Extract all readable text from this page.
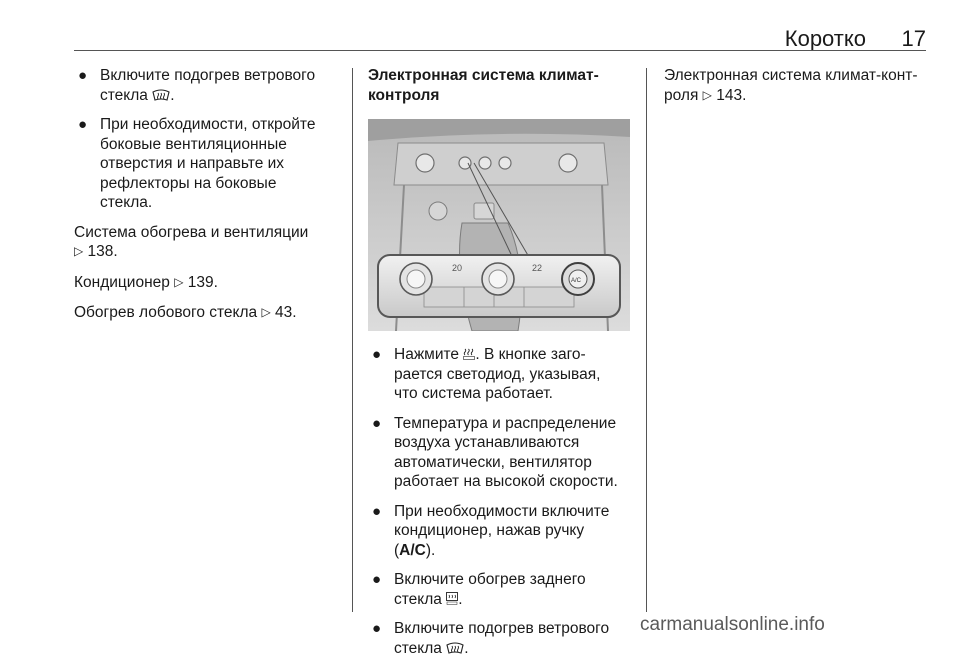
Коротко 17
● Включите подогрев ветрового стекла .
● При необходимости, откройте
боковые вентиляционные
отверстия и направьте их
рефлекторы на боковые
стекла.

Система обогрева и вентиляции
▷ 138.

Кондиционер ▷ 139.

Обогрев лобового стекла ▷ 43.

Электронная система климат-
контроля
20	22
A/C
● Нажмите . В кнопке заго-
рается светодиод, указывая,
что система работает.
● Температура и распределение
воздуха устанавливаются
автоматически, вентилятор
работает на высокой скорости.
● При необходимости включите
кондиционер, нажав ручку
(A/C).
● Включите обогрев заднего
стекла .
● Включите подогрев ветрового
стекла .

Электронная система климат-конт-
роля ▷ 143.

carmanualsonline.info
